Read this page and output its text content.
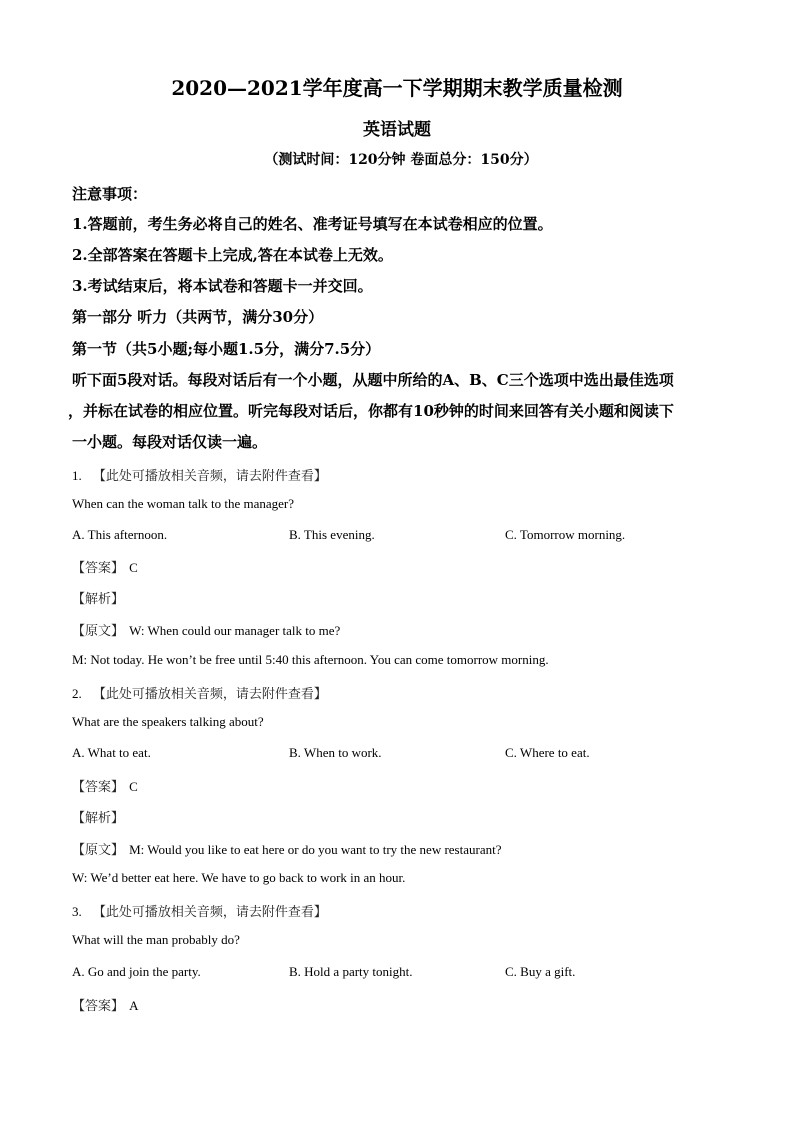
2020—2021学年度高一下学期期末教学质量检测
英语试题
（测试时间：120分钟 卷面总分：150分）
注意事项：
1.答题前，考生务必将自己的姓名、准考证号填写在本试卷相应的位置。
2.全部答案在答题卡上完成,答在本试卷上无效。
3.考试结束后，将本试卷和答题卡一并交回。
第一部分 听力（共两节，满分30分）
第一节（共5小题;每小题1.5分，满分7.5分）
听下面5段对话。每段对话后有一个小题，从题中所给的A、B、C三个选项中选出最佳选项
，并标在试卷的相应位置。听完每段对话后，你都有10秒钟的时间来回答有关小题和阅读下
一小题。每段对话仅读一遍。
1. 【此处可播放相关音频，请去附件查看】
When can the woman talk to the manager?
A. This afternoon.	B. This evening.	C. Tomorrow morning.
【答案】 C
【解析】
【原文】 W: When could our manager talk to me?
M: Not today. He won’t be free until 5:40 this afternoon. You can come tomorrow morning.
2. 【此处可播放相关音频，请去附件查看】
What are the speakers talking about?
A. What to eat.	B. When to work.	C. Where to eat.
【答案】 C
【解析】
【原文】 M: Would you like to eat here or do you want to try the new restaurant?
W: We’d better eat here. We have to go back to work in an hour.
3. 【此处可播放相关音频，请去附件查看】
What will the man probably do?
A. Go and join the party.	B. Hold a party tonight.	C. Buy a gift.
【答案】 A
